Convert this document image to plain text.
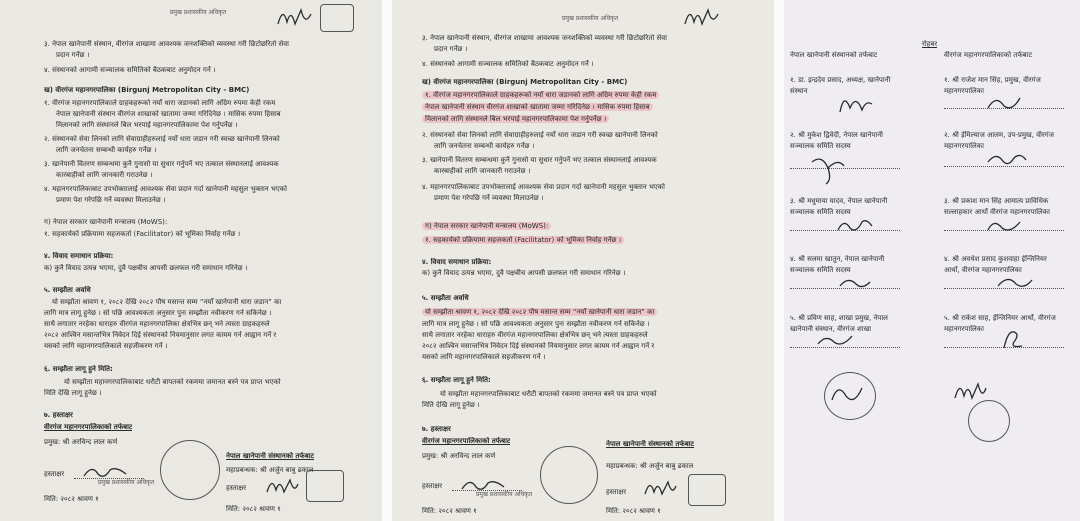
प्रमुख प्रशासकीय अधिकृत
३. नेपाल खानेपानी संस्थान, वीरगंज शाखामा आवश्यक जनशक्तिको व्यवस्था गरी छिटोछरितो सेवा
प्रदान गर्नेछ ।
४. संस्थानको आगामी सञ्चालक समितिको बैठकबाट अनुमोदन गर्ने ।
ख) वीरगंज महानगरपालिका (Birgunj Metropolitan City - BMC)
१. वीरगंज महानगरपालिकाले ग्राहकहरूको नयाँ धारा जडानको लागि अग्रिम रुपमा केही रकम
नेपाल खानेपानी संस्थान वीरगंज शाखाको खातामा जम्मा गरिदिनेछ । मासिक रुपमा हिसाब
मिलानको लागि संस्थानले बिल भरपाई महानगरपालिकामा पेश गर्नुपर्नेछ ।
२. संस्थानको सेवा लिनको लागि सेवाग्राहीहरुलाई नयाँ धारा जडान गरी स्वच्छ खानेपानी लिनको
लागि जनचेतना सम्बन्धी कार्यहरु गर्नेछ ।
३. खानेपानी वितरण सम्बन्धमा कुनै गुनासो या सुधार गर्नुपर्ने भए तत्काल संस्थानलाई आवश्यक
कारबाहीको लागि जानकारी गराउनेछ ।
४. महानगरपालिकाबाट उपभोक्तालाई आवश्यक सेवा प्रदान गर्दा खानेपानी महसुल भुक्तान भएको
प्रमाण पेश गरेपछि गर्ने व्यवस्था मिलाउनेछ ।
ग) नेपाल सरकार खानेपानी मन्त्रालय (MoWS):
१. सहकार्यको प्रक्रियामा सहजकर्ता (Facilitator) को भूमिका निर्वाह गर्नेछ ।
४. विवाद समाधान प्रक्रिया:
क) कुनै विवाद उत्पन्न भएमा, दुवै पक्षबीच आपसी छलफल गरी समाधान गरिनेछ ।
५. सम्झौता अवधि
यो सम्झौता श्रावण १, २०८२ देखि २०८२ पौष मसान्त सम्म “नयाँ खानेपानी धारा जडान” का
लागि मात्र लागू हुनेछ । सो पछि आवश्यकता अनुसार पुनः सम्झौता नवीकरण गर्न सकिनेछ ।
साथै लगातार नरहेका धाराहरु वीरगंज महानगरपालिका क्षेत्रभित्र छन् भने त्यस्ता ग्राहकहरुले
२०८२ आश्विन मसान्तभित्र निवेदन दिई संस्थानको नियमानुसार लगत कायम गर्न आह्वान गर्ने र
यसको लागि महानगरपालिकाले सहजीकरण गर्ने ।
६. सम्झौता लागू हुने मिति:
यो सम्झौता महानगरपालिकाबाट धरौटी बापतको रकममा जमानत बस्ने पत्र प्राप्त भएको
मिति देखि लागू हुनेछ ।
७. हस्ताक्षर
वीरगंज महानगरपालिकाको तर्फबाट
प्रमुख: श्री अरविन्द लाल कर्ण
हस्ताक्षर
प्रमुख प्रशासकीय अधिकृत
मिति: २०८२ श्रावण १
नेपाल खानेपानी संस्थानको तर्फबाट
महाप्रबन्धक: श्री अर्जुन बाबु ढकाल
हस्ताक्षर
मिति: २०८२ श्रावण १
प्रमुख प्रशासकीय अधिकृत
३. नेपाल खानेपानी संस्थान, वीरगंज शाखामा आवश्यक जनशक्तिको व्यवस्था गरी छिटोछरितो सेवा
प्रदान गर्नेछ ।
४. संस्थानको आगामी सञ्चालक समितिको बैठकबाट अनुमोदन गर्ने ।
ख) वीरगंज महानगरपालिका (Birgunj Metropolitan City - BMC)
१. वीरगंज महानगरपालिकाले ग्राहकहरूको नयाँ धारा जडानको लागि अग्रिम रुपमा केही रकम
नेपाल खानेपानी संस्थान वीरगंज शाखाको खातामा जम्मा गरिदिनेछ । मासिक रुपमा हिसाब
मिलानको लागि संस्थानले बिल भरपाई महानगरपालिकामा पेश गर्नुपर्नेछ ।
२. संस्थानको सेवा लिनको लागि सेवाग्राहीहरुलाई नयाँ धारा जडान गरी स्वच्छ खानेपानी लिनको
लागि जनचेतना सम्बन्धी कार्यहरु गर्नेछ ।
३. खानेपानी वितरण सम्बन्धमा कुनै गुनासो या सुधार गर्नुपर्ने भए तत्काल संस्थानलाई आवश्यक
कारबाहीको लागि जानकारी गराउनेछ ।
४. महानगरपालिकाबाट उपभोक्तालाई आवश्यक सेवा प्रदान गर्दा खानेपानी महसुल भुक्तान भएको
प्रमाण पेश गरेपछि गर्ने व्यवस्था मिलाउनेछ ।
ग) नेपाल सरकार खानेपानी मन्त्रालय (MoWS):
१. सहकार्यको प्रक्रियामा सहजकर्ता (Facilitator) को भूमिका निर्वाह गर्नेछ ।
४. विवाद समाधान प्रक्रिया:
क) कुनै विवाद उत्पन्न भएमा, दुवै पक्षबीच आपसी छलफल गरी समाधान गरिनेछ ।
५. सम्झौता अवधि
यो सम्झौता श्रावण १, २०८२ देखि २०८२ पौष मसान्त सम्म “नयाँ खानेपानी धारा जडान” का
लागि मात्र लागू हुनेछ । सो पछि आवश्यकता अनुसार पुनः सम्झौता नवीकरण गर्न सकिनेछ ।
साथै लगातार नरहेका धाराहरु वीरगंज महानगरपालिका क्षेत्रभित्र छन् भने त्यस्ता ग्राहकहरुले
२०८२ आश्विन मसान्तभित्र निवेदन दिई संस्थानको नियमानुसार लगत कायम गर्न आह्वान गर्ने र
यसको लागि महानगरपालिकाले सहजीकरण गर्ने ।
६. सम्झौता लागू हुने मिति:
यो सम्झौता महानगरपालिकाबाट धरौटी बापतको रकममा जमानत बस्ने पत्र प्राप्त भएको
मिति देखि लागू हुनेछ ।
७. हस्ताक्षर
वीरगंज महानगरपालिकाको तर्फबाट
प्रमुख: श्री अरविन्द लाल कर्ण
हस्ताक्षर
प्रमुख प्रशासकीय अधिकृत
मिति: २०८२ श्रावण १
नेपाल खानेपानी संस्थानको तर्फबाट
महाप्रबन्धक: श्री अर्जुन बाबु ढकाल
हस्ताक्षर
मिति: २०८२ श्रावण १
रोहबर
नेपाल खानेपानी संस्थानको तर्फबाट	वीरगंज महानगरपालिकाको तर्फबाट
१. डा. इन्द्रदेव प्रसाद, अध्यक्ष, खानेपानी
संस्थान
२. श्री मुकेश द्विवेदी, नेपाल खानेपानी
सञ्चालक समिति सदस्य
३. श्री मधुमाया यादव, नेपाल खानेपानी
सञ्चालक समिति सदस्य
४. श्री सलमा खातुन, नेपाल खानेपानी
सञ्चालक समिति सदस्य
५. श्री प्रविण साह, शाखा प्रमुख, नेपाल
खानेपानी संस्थान, वीरगंज शाखा
१. श्री राजेश मान सिंह, प्रमुख, वीरगंज
महानगरपालिका
२. श्री ईमिल्याज आलम, उप-प्रमुख, वीरगंज
महानगरपालिका
३. श्री प्रकाश मान सिंह आमात्य प्राविधिक
सल्लाहकार आर्थो वीरगंज महानगरपालिका
४. श्री अवधेश प्रसाद कुशवाहा ईन्जिनियर
आर्थो, वीरगंज महानगरपालिका
५. श्री राकेश साह, ईन्जिनियर आर्थो, वीरगंज
महानगरपालिका
